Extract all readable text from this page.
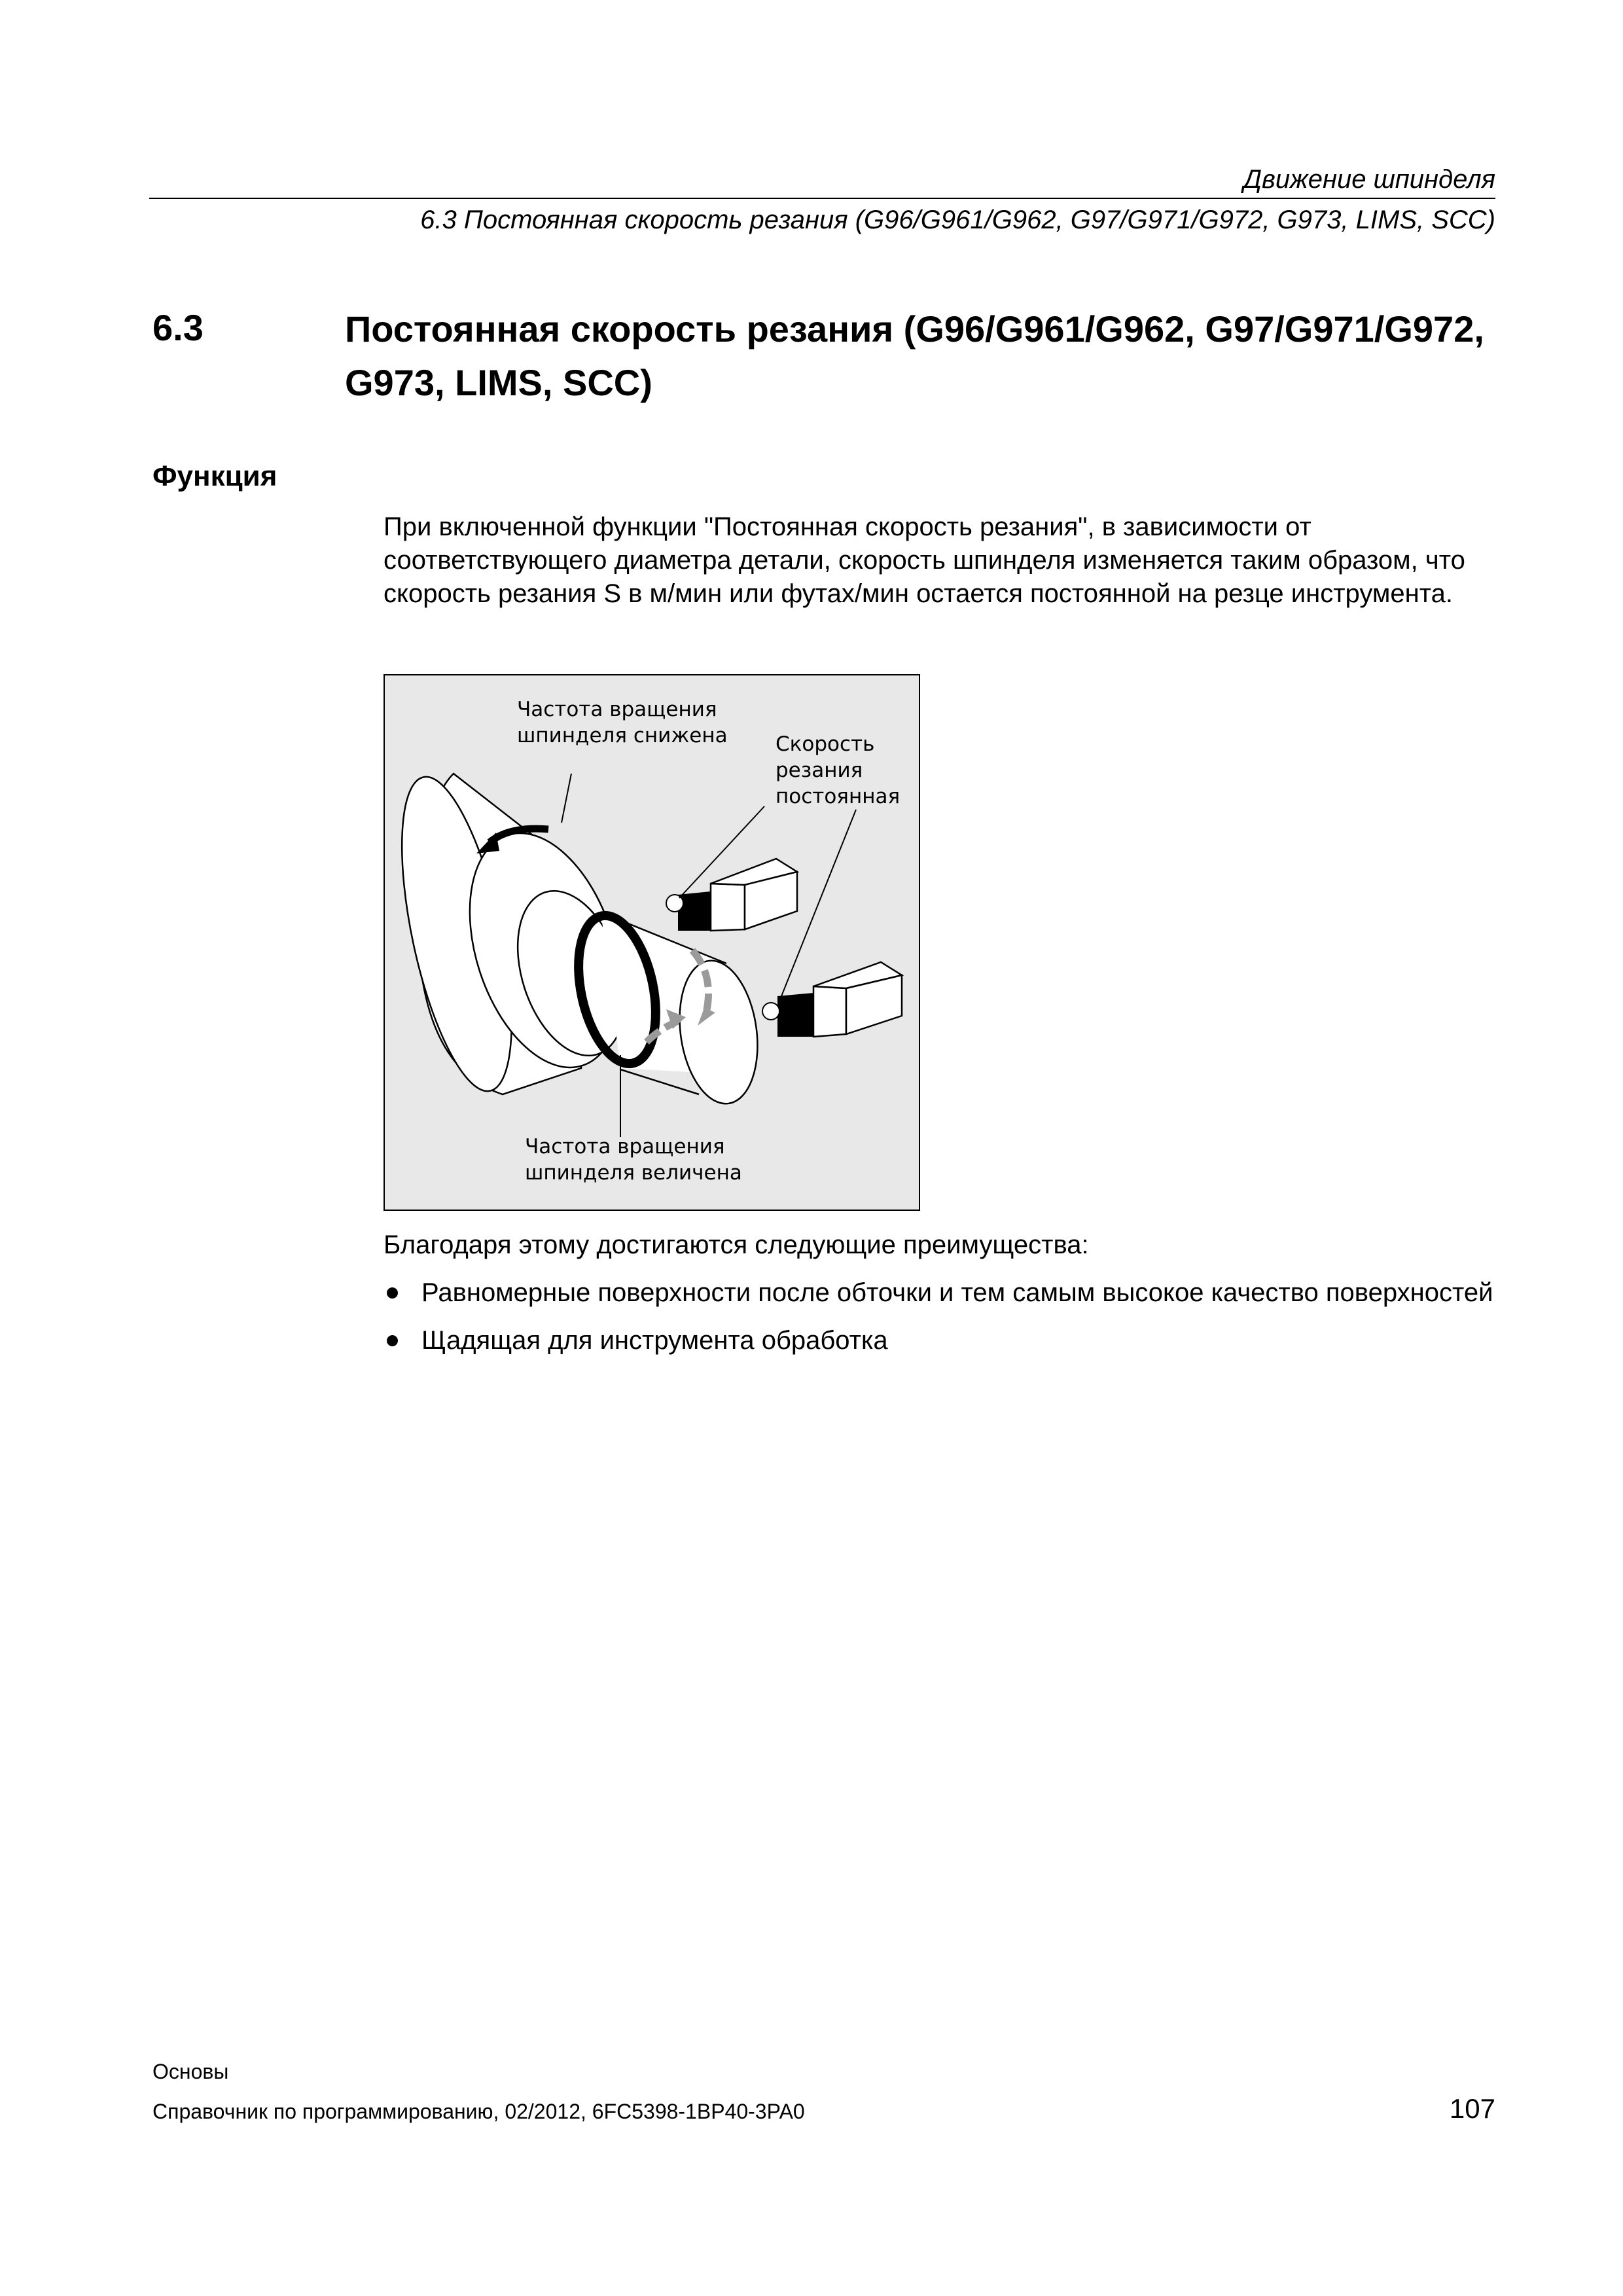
Движение шпинделя
6.3 Постоянная скорость резания (G96/G961/G962, G97/G971/G972, G973, LIMS, SCC)
6.3	Постоянная скорость резания (G96/G961/G962, G97/G971/G972, G973, LIMS, SCC)
Функция
При включенной функции "Постоянная скорость резания", в зависимости от соответствующего диаметра детали, скорость шпинделя изменяется таким образом, что скорость резания S в м/мин или футах/мин остается постоянной на резце инструмента.
Частота вращения
шпинделя снижена Скорость
резания
постоянная
Частота вращения
шпинделя величена
Благодаря этому достигаются следующие преимущества:
Равномерные поверхности после обточки и тем самым высокое качество поверхностей
Щадящая для инструмента обработка
Основы
Справочник по программированию, 02/2012, 6FC5398-1BP40-3PA0	107
